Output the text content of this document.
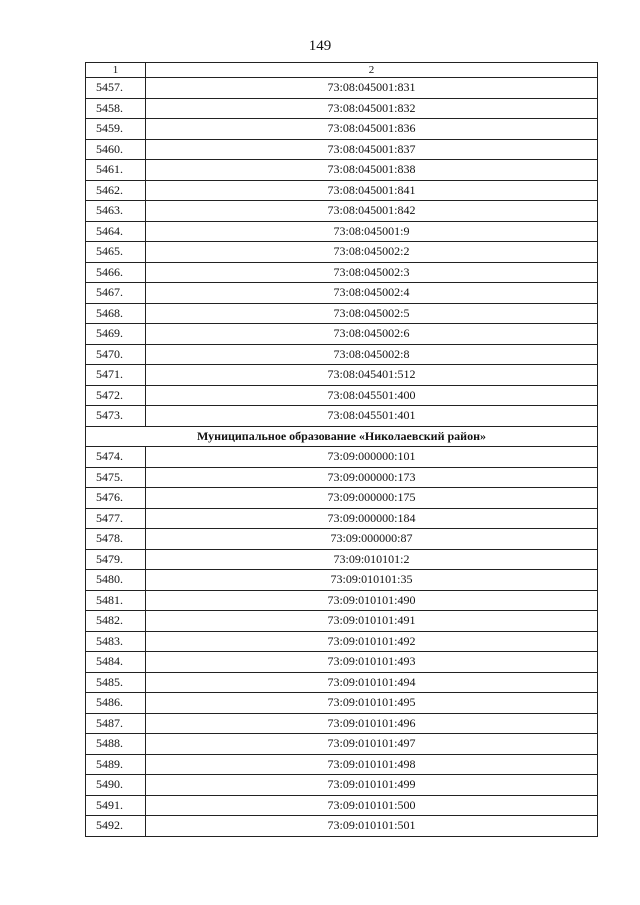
149
1	2
5457.	73:08:045001:831
5458.	73:08:045001:832
5459.	73:08:045001:836
5460.	73:08:045001:837
5461.	73:08:045001:838
5462.	73:08:045001:841
5463.	73:08:045001:842
5464.	73:08:045001:9
5465.	73:08:045002:2
5466.	73:08:045002:3
5467.	73:08:045002:4
5468.	73:08:045002:5
5469.	73:08:045002:6
5470.	73:08:045002:8
5471.	73:08:045401:512
5472.	73:08:045501:400
5473.	73:08:045501:401
Муниципальное образование «Николаевский район»	
5474.	73:09:000000:101
5475.	73:09:000000:173
5476.	73:09:000000:175
5477.	73:09:000000:184
5478.	73:09:000000:87
5479.	73:09:010101:2
5480.	73:09:010101:35
5481.	73:09:010101:490
5482.	73:09:010101:491
5483.	73:09:010101:492
5484.	73:09:010101:493
5485.	73:09:010101:494
5486.	73:09:010101:495
5487.	73:09:010101:496
5488.	73:09:010101:497
5489.	73:09:010101:498
5490.	73:09:010101:499
5491.	73:09:010101:500
5492.	73:09:010101:501
